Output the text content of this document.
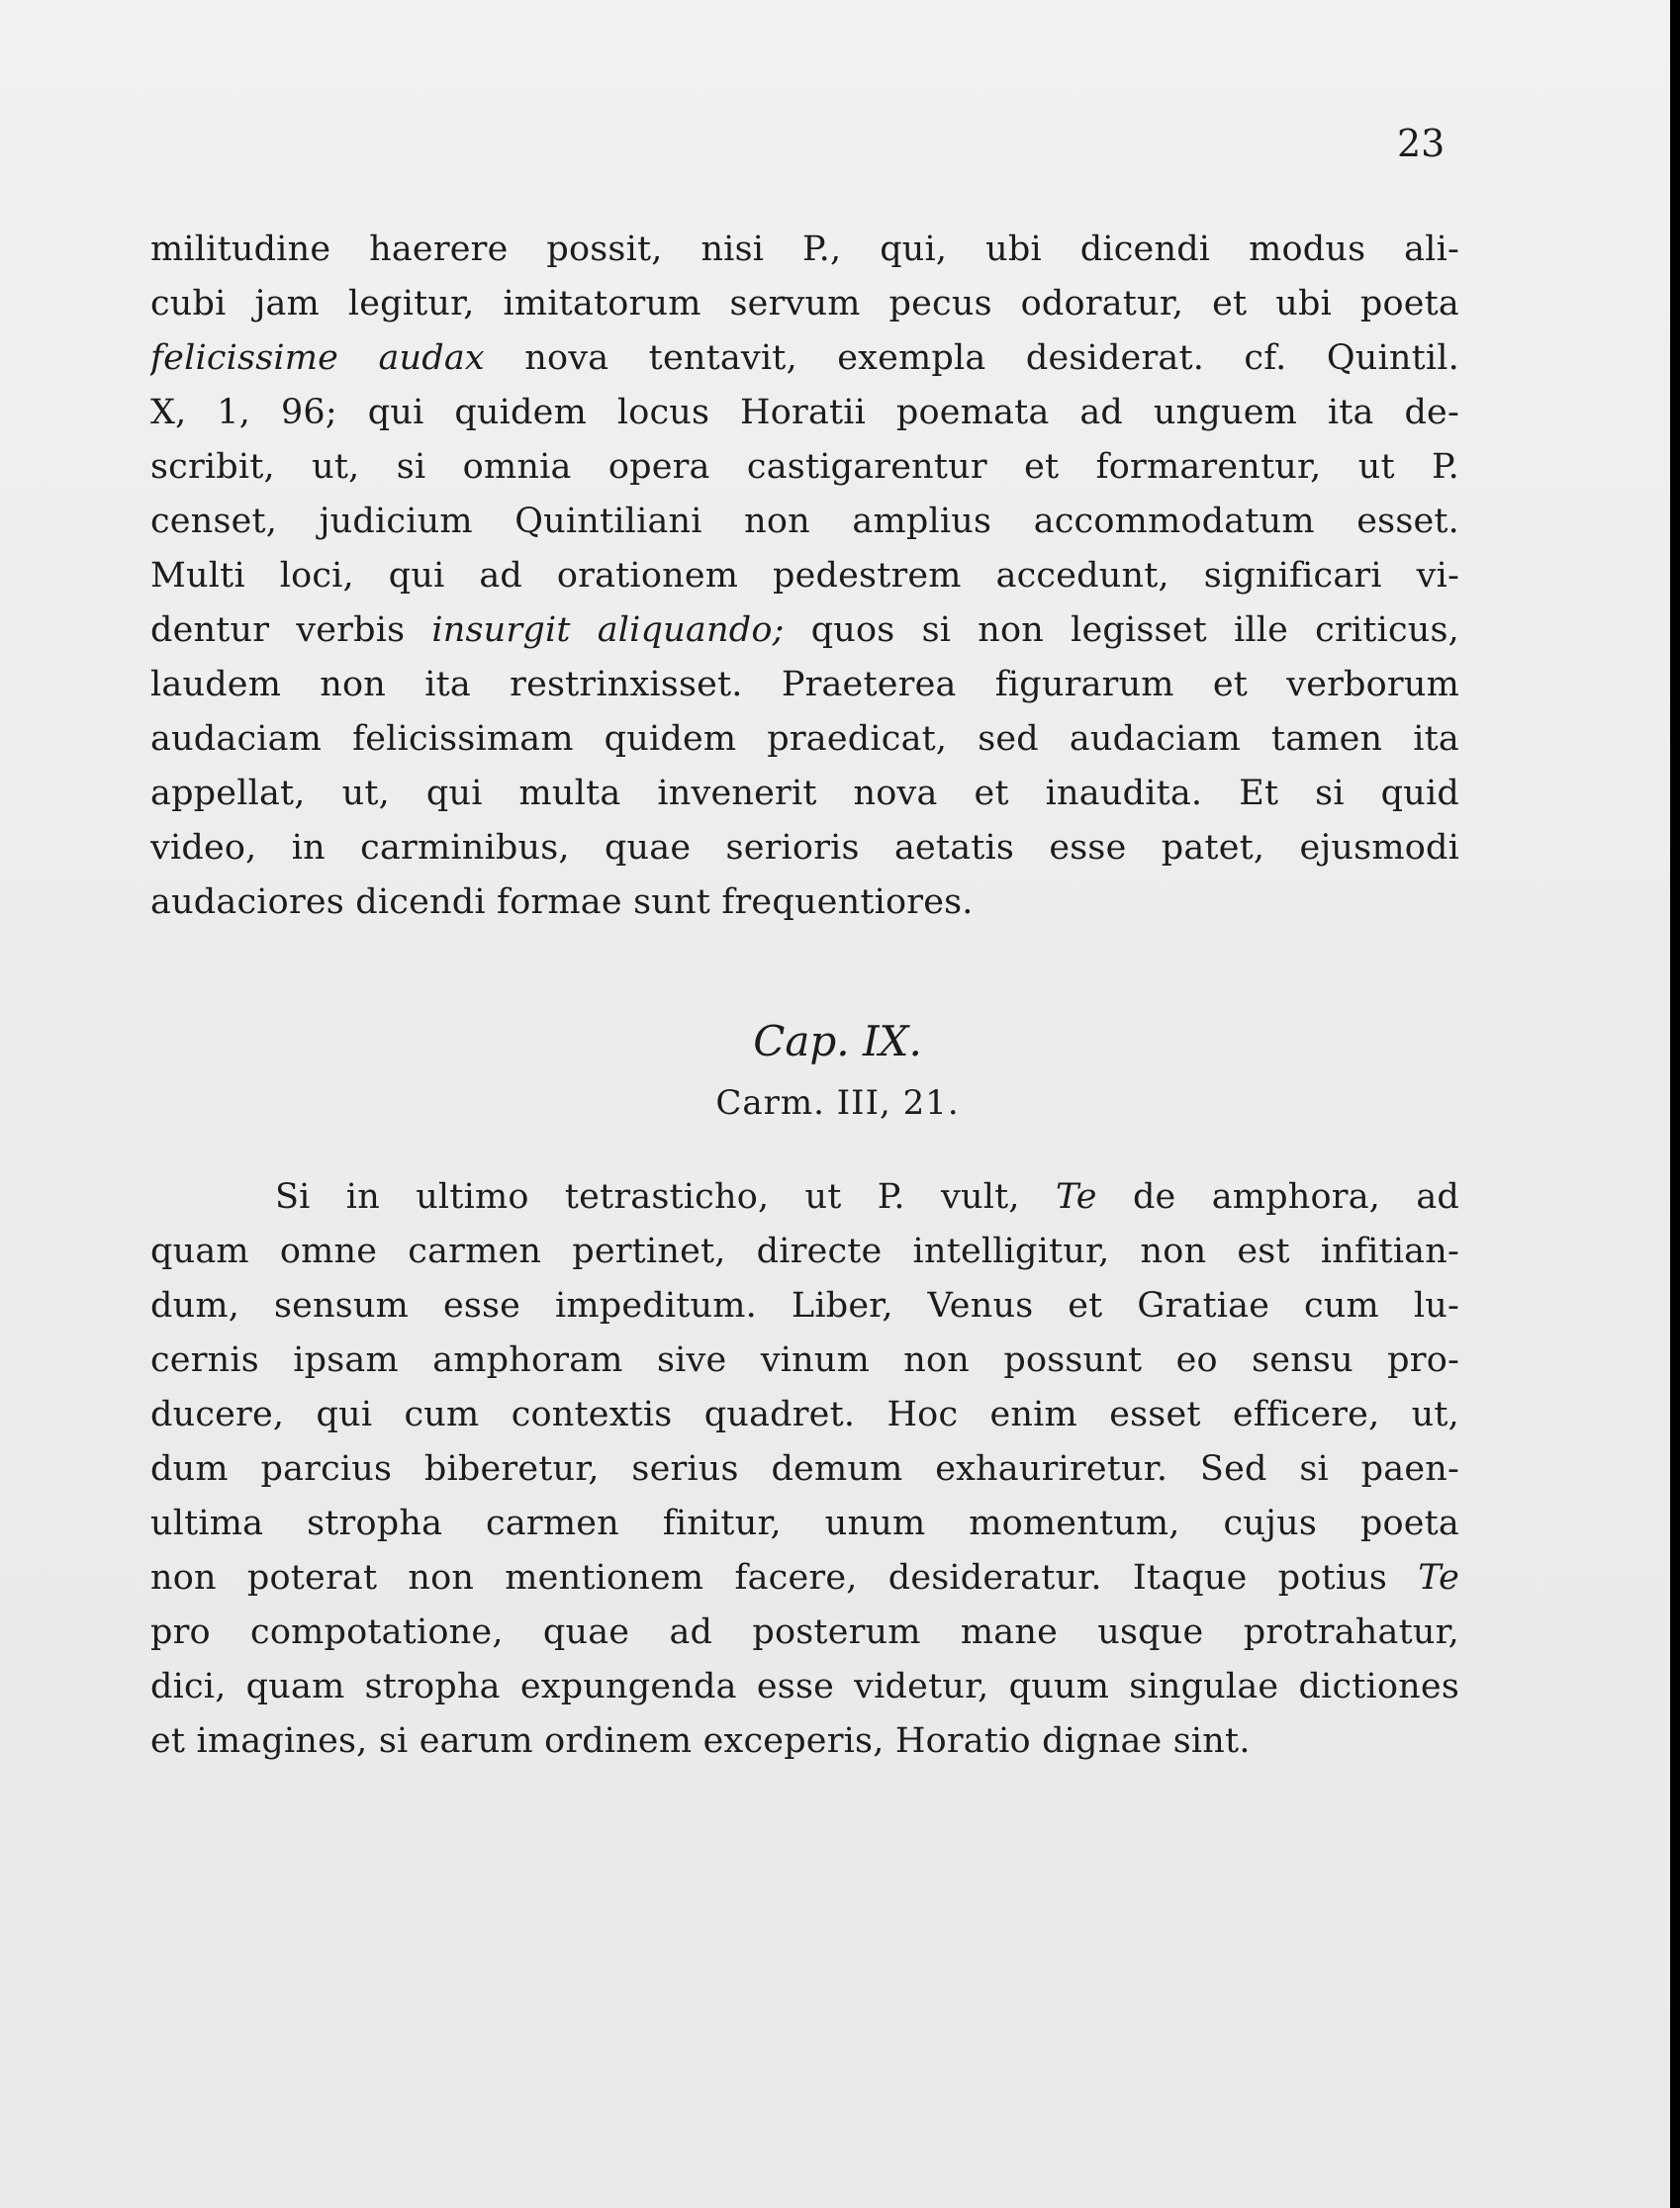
23

militudine haerere possit, nisi P., qui, ubi dicendi modus ali-

cubi jam legitur, imitatorum servum pecus odoratur, et ubi poeta

felicissime audax nova tentavit, exempla desiderat. cf. Quintil.

X, 1, 96; qui quidem locus Horatii poemata ad unguem ita de-

scribit, ut, si omnia opera castigarentur et formarentur, ut P.

censet, judicium Quintiliani non amplius accommodatum esset.

Multi loci, qui ad orationem pedestrem accedunt, significari vi-

dentur verbis insurgit aliquando; quos si non legisset ille criticus,

laudem non ita restrinxisset. Praeterea figurarum et verborum

audaciam felicissimam quidem praedicat, sed audaciam tamen ita

appellat, ut, qui multa invenerit nova et inaudita. Et si quid

video, in carminibus, quae serioris aetatis esse patet, ejusmodi

audaciores dicendi formae sunt frequentiores.

Cap. IX.
Carm. III, 21.

Si in ultimo tetrasticho, ut P. vult, Te de amphora, ad

quam omne carmen pertinet, directe intelligitur, non est infitian-

dum, sensum esse impeditum. Liber, Venus et Gratiae cum lu-

cernis ipsam amphoram sive vinum non possunt eo sensu pro-

ducere, qui cum contextis quadret. Hoc enim esset efficere, ut,

dum parcius biberetur, serius demum exhauriretur. Sed si paen-

ultima stropha carmen finitur, unum momentum, cujus poeta

non poterat non mentionem facere, desideratur. Itaque potius Te

pro compotatione, quae ad posterum mane usque protrahatur,

dici, quam stropha expungenda esse videtur, quum singulae dictiones

et imagines, si earum ordinem exceperis, Horatio dignae sint.
